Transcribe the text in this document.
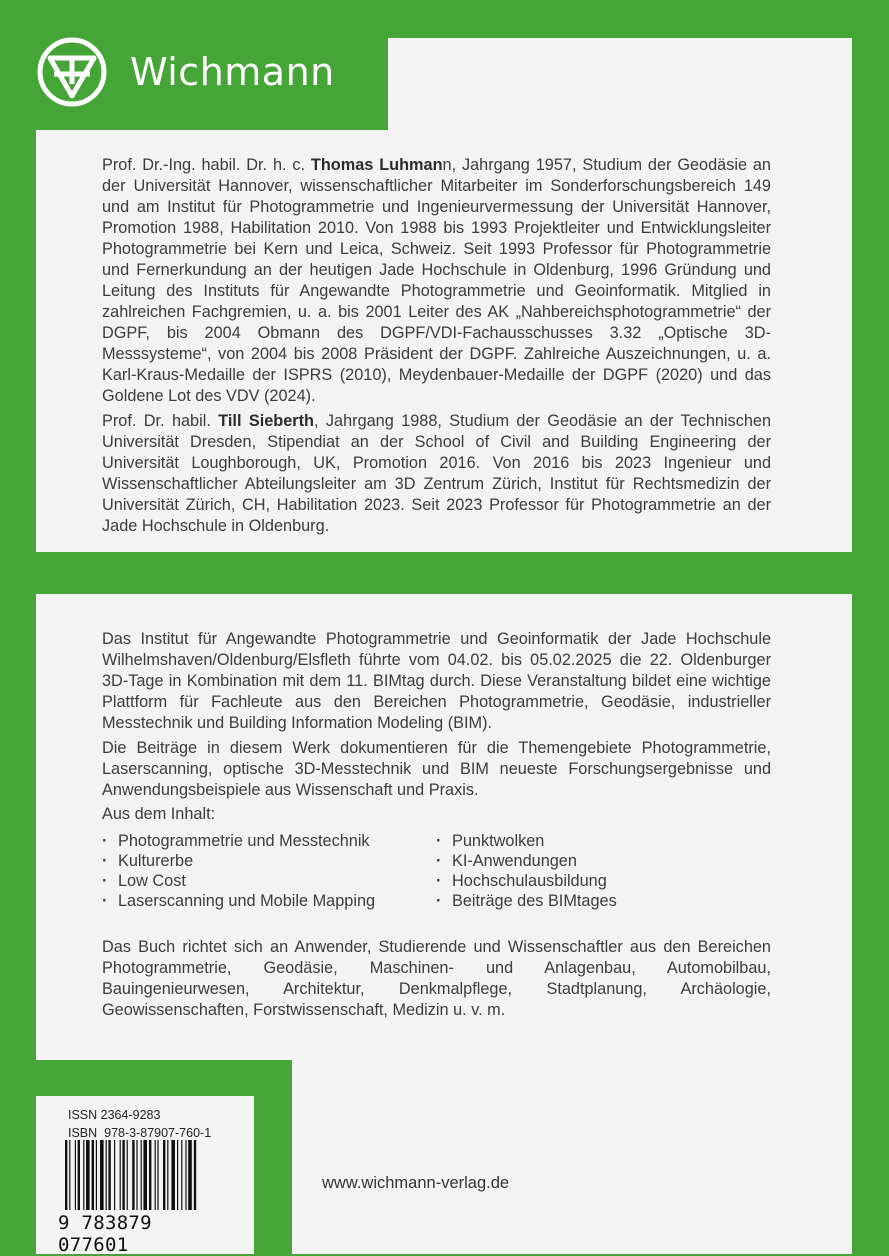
Wichmann

Prof. Dr.-Ing. habil. Dr. h. c. Thomas Luhmann, Jahrgang 1957, Studium der Geodäsie an der Universität Hannover, wissenschaftlicher Mitarbeiter im Sonderforschungsbereich 149 und am Institut für Photogrammetrie und Ingenieurvermessung der Universität Hannover, Promotion 1988, Habilitation 2010. Von 1988 bis 1993 Projektleiter und Entwicklungsleiter Photogrammetrie bei Kern und Leica, Schweiz. Seit 1993 Professor für Photogrammetrie und Fernerkundung an der heutigen Jade Hochschule in Oldenburg, 1996 Gründung und Leitung des Instituts für Angewandte Photogrammetrie und Geoinformatik. Mitglied in zahlreichen Fachgremien, u. a. bis 2001 Leiter des AK „Nahbereichsphotogrammetrie“ der DGPF, bis 2004 Obmann des DGPF/VDI-Fachausschusses 3.32 „Optische 3D-Messsysteme“, von 2004 bis 2008 Präsident der DGPF. Zahlreiche Auszeichnungen, u. a. Karl-Kraus-Medaille der ISPRS (2010), Meydenbauer-Medaille der DGPF (2020) und das Goldene Lot des VDV (2024).

Prof. Dr. habil. Till Sieberth, Jahrgang 1988, Studium der Geodäsie an der Technischen Universität Dresden, Stipendiat an der School of Civil and Building Engineering der Universität Loughborough, UK, Promotion 2016. Von 2016 bis 2023 Ingenieur und Wissenschaftlicher Abteilungsleiter am 3D Zentrum Zürich, Institut für Rechtsmedizin der Universität Zürich, CH, Habilitation 2023. Seit 2023 Professor für Photogrammetrie an der Jade Hochschule in Oldenburg.

Das Institut für Angewandte Photogrammetrie und Geoinformatik der Jade Hochschule Wilhelmshaven/Oldenburg/Elsfleth führte vom 04.02. bis 05.02.2025 die 22. Oldenburger 3D-Tage in Kombination mit dem 11. BIMtag durch. Diese Veranstaltung bildet eine wichtige Plattform für Fachleute aus den Bereichen Photogrammetrie, Geodäsie, industrieller Messtechnik und Building Information Modeling (BIM).

Die Beiträge in diesem Werk dokumentieren für die Themengebiete Photogrammetrie, Laserscanning, optische 3D-Messtechnik und BIM neueste Forschungsergebnisse und Anwendungsbeispiele aus Wissenschaft und Praxis.

Aus dem Inhalt:
· Photogrammetrie und Messtechnik
· Kulturerbe
· Low Cost
· Laserscanning und Mobile Mapping
· Punktwolken
· KI-Anwendungen
· Hochschulausbildung
· Beiträge des BIMtages
Das Buch richtet sich an Anwender, Studierende und Wissenschaftler aus den Bereichen Photogrammetrie, Geodäsie, Maschinen- und Anlagenbau, Automobilbau, Bauingenieurwesen, Architektur, Denkmalpflege, Stadtplanung, Archäologie, Geowissenschaften, Forstwissenschaft, Medizin u. v. m.
ISSN 2364-9283
ISBN  978-3-87907-760-1
9 783879 077601
www.wichmann-verlag.de
